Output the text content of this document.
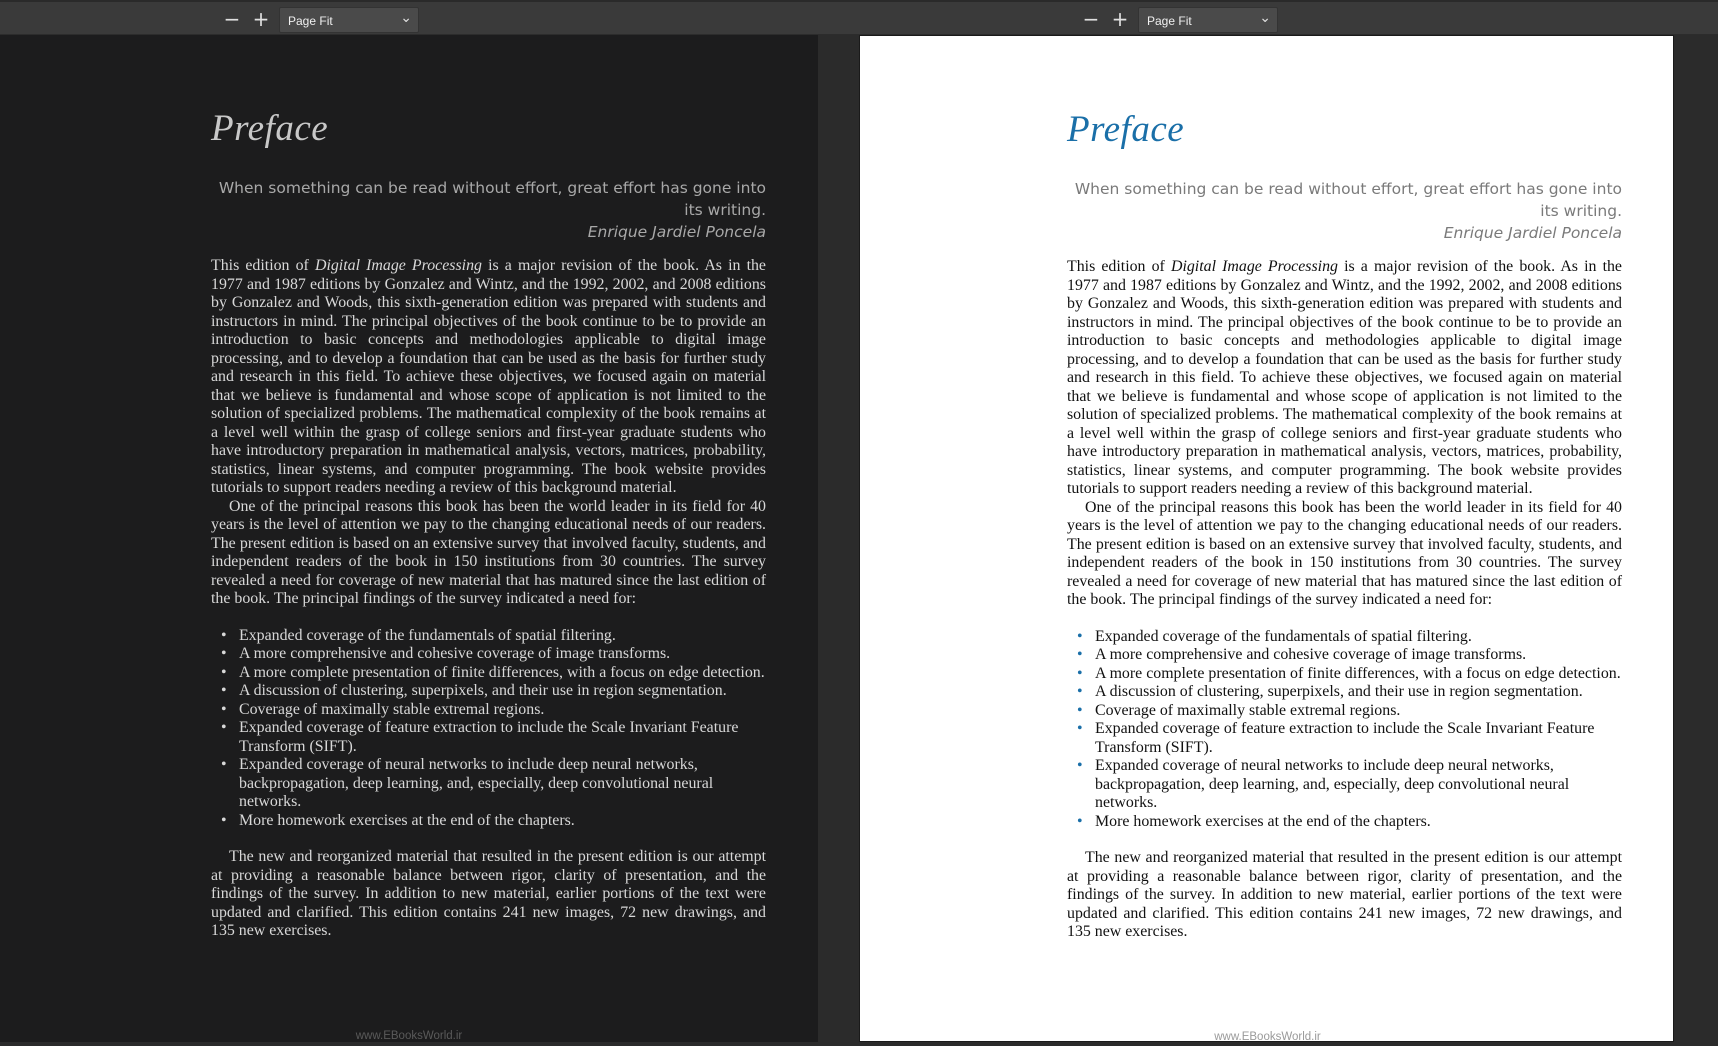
− +	Page Fit	⌄
Preface
When something can be read without effort, great effort has gone into its writing.
Enrique Jardiel Poncela

This edition of Digital Image Processing is a major revision of the book. As in the 1977 and 1987 editions by Gonzalez and Wintz, and the 1992, 2002, and 2008 editions by Gonzalez and Woods, this sixth-generation edition was prepared with students and instructors in mind. The principal objectives of the book continue to be to provide an introduction to basic concepts and methodologies applicable to digital image processing, and to develop a foundation that can be used as the basis for further study and research in this field. To achieve these objectives, we focused again on material that we believe is fundamental and whose scope of application is not limited to the solution of specialized problems. The mathematical complexity of the book remains at a level well within the grasp of college seniors and first-year graduate students who have introductory preparation in mathematical analysis, vectors, matrices, probability, statistics, linear systems, and computer programming. The book website provides tutorials to support readers needing a review of this background material.

One of the principal reasons this book has been the world leader in its field for 40 years is the level of attention we pay to the changing educational needs of our readers. The present edition is based on an extensive survey that involved faculty, students, and independent readers of the book in 150 institutions from 30 countries. The survey revealed a need for coverage of new material that has matured since the last edition of the book. The principal findings of the survey indicated a need for:

• Expanded coverage of the fundamentals of spatial filtering.
• A more comprehensive and cohesive coverage of image transforms.
• A more complete presentation of finite differences, with a focus on edge detection.
• A discussion of clustering, superpixels, and their use in region segmentation.
• Coverage of maximally stable extremal regions.
• Expanded coverage of feature extraction to include the Scale Invariant Feature Transform (SIFT).
• Expanded coverage of neural networks to include deep neural networks, backpropagation, deep learning, and, especially, deep convolutional neural networks.
• More homework exercises at the end of the chapters.

The new and reorganized material that resulted in the present edition is our attempt at providing a reasonable balance between rigor, clarity of presentation, and the findings of the survey. In addition to new material, earlier portions of the text were updated and clarified. This edition contains 241 new images, 72 new drawings, and 135 new exercises.

www.EBooksWorld.ir
− +	Page Fit	⌄
Preface
When something can be read without effort, great effort has gone into its writing.
Enrique Jardiel Poncela

This edition of Digital Image Processing is a major revision of the book. As in the 1977 and 1987 editions by Gonzalez and Wintz, and the 1992, 2002, and 2008 editions by Gonzalez and Woods, this sixth-generation edition was prepared with students and instructors in mind. The principal objectives of the book continue to be to provide an introduction to basic concepts and methodologies applicable to digital image processing, and to develop a foundation that can be used as the basis for further study and research in this field. To achieve these objectives, we focused again on material that we believe is fundamental and whose scope of application is not limited to the solution of specialized problems. The mathematical complexity of the book remains at a level well within the grasp of college seniors and first-year graduate students who have introductory preparation in mathematical analysis, vectors, matrices, probability, statistics, linear systems, and computer programming. The book website provides tutorials to support readers needing a review of this background material.

One of the principal reasons this book has been the world leader in its field for 40 years is the level of attention we pay to the changing educational needs of our readers. The present edition is based on an extensive survey that involved faculty, students, and independent readers of the book in 150 institutions from 30 countries. The survey revealed a need for coverage of new material that has matured since the last edition of the book. The principal findings of the survey indicated a need for:

• Expanded coverage of the fundamentals of spatial filtering.
• A more comprehensive and cohesive coverage of image transforms.
• A more complete presentation of finite differences, with a focus on edge detection.
• A discussion of clustering, superpixels, and their use in region segmentation.
• Coverage of maximally stable extremal regions.
• Expanded coverage of feature extraction to include the Scale Invariant Feature Transform (SIFT).
• Expanded coverage of neural networks to include deep neural networks, backpropagation, deep learning, and, especially, deep convolutional neural networks.
• More homework exercises at the end of the chapters.

The new and reorganized material that resulted in the present edition is our attempt at providing a reasonable balance between rigor, clarity of presentation, and the findings of the survey. In addition to new material, earlier portions of the text were updated and clarified. This edition contains 241 new images, 72 new drawings, and 135 new exercises.

www.EBooksWorld.ir
